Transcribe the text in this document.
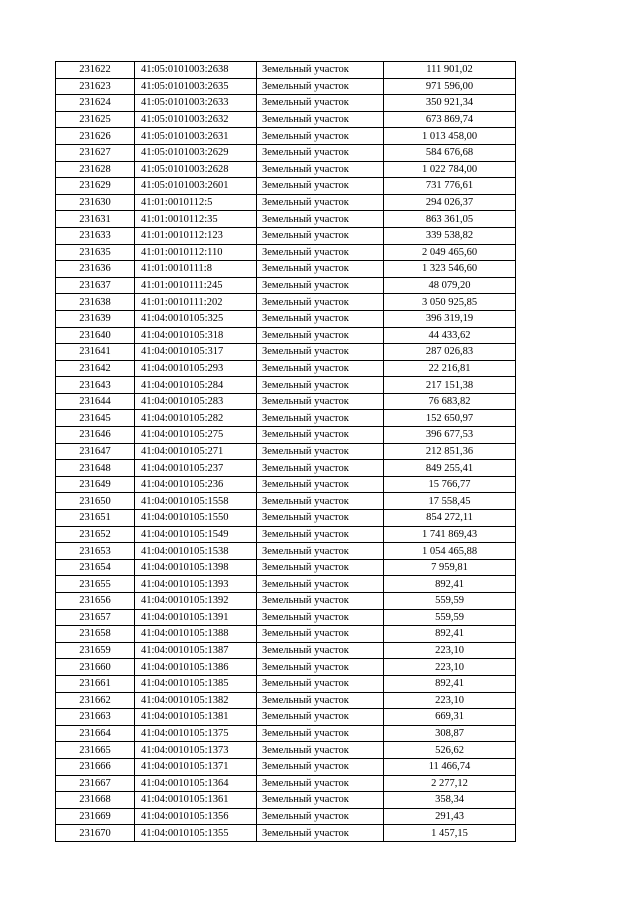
231622	41:05:0101003:2638	Земельный участок	111 901,02
231623	41:05:0101003:2635	Земельный участок	971 596,00
231624	41:05:0101003:2633	Земельный участок	350 921,34
231625	41:05:0101003:2632	Земельный участок	673 869,74
231626	41:05:0101003:2631	Земельный участок	1 013 458,00
231627	41:05:0101003:2629	Земельный участок	584 676,68
231628	41:05:0101003:2628	Земельный участок	1 022 784,00
231629	41:05:0101003:2601	Земельный участок	731 776,61
231630	41:01:0010112:5	Земельный участок	294 026,37
231631	41:01:0010112:35	Земельный участок	863 361,05
231633	41:01:0010112:123	Земельный участок	339 538,82
231635	41:01:0010112:110	Земельный участок	2 049 465,60
231636	41:01:0010111:8	Земельный участок	1 323 546,60
231637	41:01:0010111:245	Земельный участок	48 079,20
231638	41:01:0010111:202	Земельный участок	3 050 925,85
231639	41:04:0010105:325	Земельный участок	396 319,19
231640	41:04:0010105:318	Земельный участок	44 433,62
231641	41:04:0010105:317	Земельный участок	287 026,83
231642	41:04:0010105:293	Земельный участок	22 216,81
231643	41:04:0010105:284	Земельный участок	217 151,38
231644	41:04:0010105:283	Земельный участок	76 683,82
231645	41:04:0010105:282	Земельный участок	152 650,97
231646	41:04:0010105:275	Земельный участок	396 677,53
231647	41:04:0010105:271	Земельный участок	212 851,36
231648	41:04:0010105:237	Земельный участок	849 255,41
231649	41:04:0010105:236	Земельный участок	15 766,77
231650	41:04:0010105:1558	Земельный участок	17 558,45
231651	41:04:0010105:1550	Земельный участок	854 272,11
231652	41:04:0010105:1549	Земельный участок	1 741 869,43
231653	41:04:0010105:1538	Земельный участок	1 054 465,88
231654	41:04:0010105:1398	Земельный участок	7 959,81
231655	41:04:0010105:1393	Земельный участок	892,41
231656	41:04:0010105:1392	Земельный участок	559,59
231657	41:04:0010105:1391	Земельный участок	559,59
231658	41:04:0010105:1388	Земельный участок	892,41
231659	41:04:0010105:1387	Земельный участок	223,10
231660	41:04:0010105:1386	Земельный участок	223,10
231661	41:04:0010105:1385	Земельный участок	892,41
231662	41:04:0010105:1382	Земельный участок	223,10
231663	41:04:0010105:1381	Земельный участок	669,31
231664	41:04:0010105:1375	Земельный участок	308,87
231665	41:04:0010105:1373	Земельный участок	526,62
231666	41:04:0010105:1371	Земельный участок	11 466,74
231667	41:04:0010105:1364	Земельный участок	2 277,12
231668	41:04:0010105:1361	Земельный участок	358,34
231669	41:04:0010105:1356	Земельный участок	291,43
231670	41:04:0010105:1355	Земельный участок	1 457,15
